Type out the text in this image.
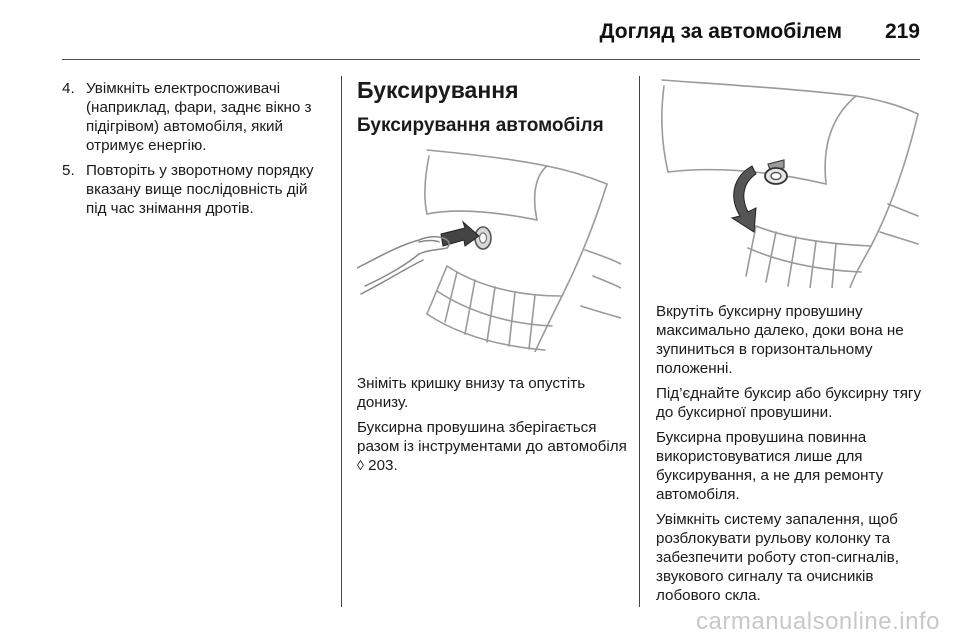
Догляд за автомобілем 219
4. Увімкніть електроспоживачі (наприклад, фари, заднє вікно з підігрівом) автомобіля, який отримує енергію.
5. Повторіть у зворотному порядку вказану вище послідовність дій під час знімання дротів.
Буксирування
Буксирування автомобіля

Зніміть кришку внизу та опустіть донизу.

Буксирна провушина зберігається разом із інструментами до автомобіля ◊ 203.

Вкрутіть буксирну провушину максимально далеко, доки вона не зупиниться в горизонтальному положенні.

Під’єднайте буксир або буксирну тягу до буксирної провушини.

Буксирна провушина повинна використовуватися лише для буксирування, а не для ремонту автомобіля.

Увімкніть систему запалення, щоб розблокувати рульову колонку та забезпечити роботу стоп-сигналів, звукового сигналу та очисників лобового скла.

carmanualsonline.info
